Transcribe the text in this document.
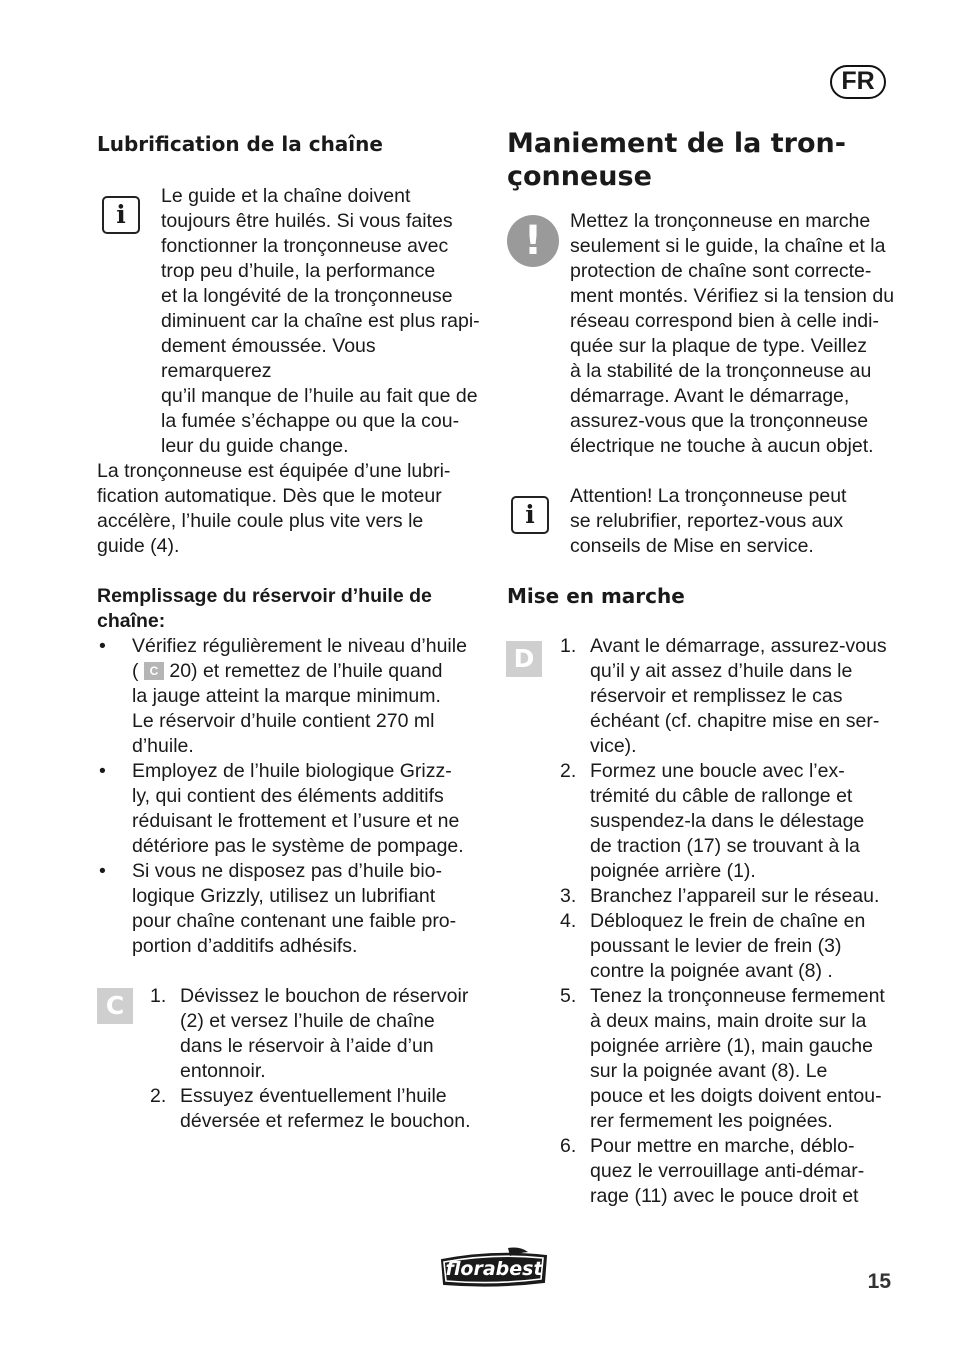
FR
Lubrification de la chaîne
i

Le guide et la chaîne doivent

toujours être huilés. Si vous faites

fonctionner la tronçonneuse avec

trop peu d’huile, la performance

et la longévité de la tronçonneuse

diminuent car la chaîne est plus rapi-

dement émoussée. Vous remarquerez

qu’il manque de l’huile au fait que de

la fumée s’échappe ou que la cou-

leur du guide change.

La tronçonneuse est équipée d’une lubri-

fication automatique. Dès que le moteur

accélère, l’huile coule plus vite vers le

guide (4).

Remplissage du réservoir d’huile de
chaîne:
• Vérifiez régulièrement le niveau d’huile

( C 20) et remettez de l’huile quand

la jauge atteint la marque minimum.

Le réservoir d’huile contient 270 ml

d’huile.

• Employez de l’huile biologique Grizz-

ly, qui contient des éléments additifs

réduisant le frottement et l’usure et ne

détériore pas le système de pompage.

• Si vous ne disposez pas d’huile bio-

logique Grizzly, utilisez un lubrifiant

pour chaîne contenant une faible pro-

portion d’additifs adhésifs.

C	1. Dévissez le bouchon de réservoir

(2) et versez l’huile de chaîne

dans le réservoir à l’aide d’un

entonnoir.

2. Essuyez éventuellement l’huile

déversée et refermez le bouchon.

Maniement de la tron-
çonneuse
!	Mettez la tronçonneuse en marche

seulement si le guide, la chaîne et la

protection de chaîne sont correcte-

ment montés. Vérifiez si la tension du

réseau correspond bien à celle indi-

quée sur la plaque de type. Veillez

à la stabilité de la tronçonneuse au

démarrage. Avant le démarrage,

assurez-vous que la tronçonneuse

électrique ne touche à aucun objet.

i

Attention! La tronçonneuse peut

se relubrifier, reportez-vous aux

conseils de Mise en service.

Mise en marche
D	1. Avant le démarrage, assurez-vous

qu’il y ait assez d’huile dans le

réservoir et remplissez le cas

échéant (cf. chapitre mise en ser-

vice).

2. Formez une boucle avec l’ex-

trémité du câble de rallonge et

suspendez-la dans le délestage

de traction (17) se trouvant à la

poignée arrière (1).

3. Branchez l’appareil sur le réseau.

4. Débloquez le frein de chaîne en

poussant le levier de frein (3)

contre la poignée avant (8) .

5. Tenez la tronçonneuse fermement

à deux mains, main droite sur la

poignée arrière (1), main gauche

sur la poignée avant (8). Le

pouce et les doigts doivent entou-

rer fermement les poignées.

6. Pour mettre en marche, déblo-

quez le verrouillage anti-démar-

rage (11) avec le pouce droit et

florabest
15
